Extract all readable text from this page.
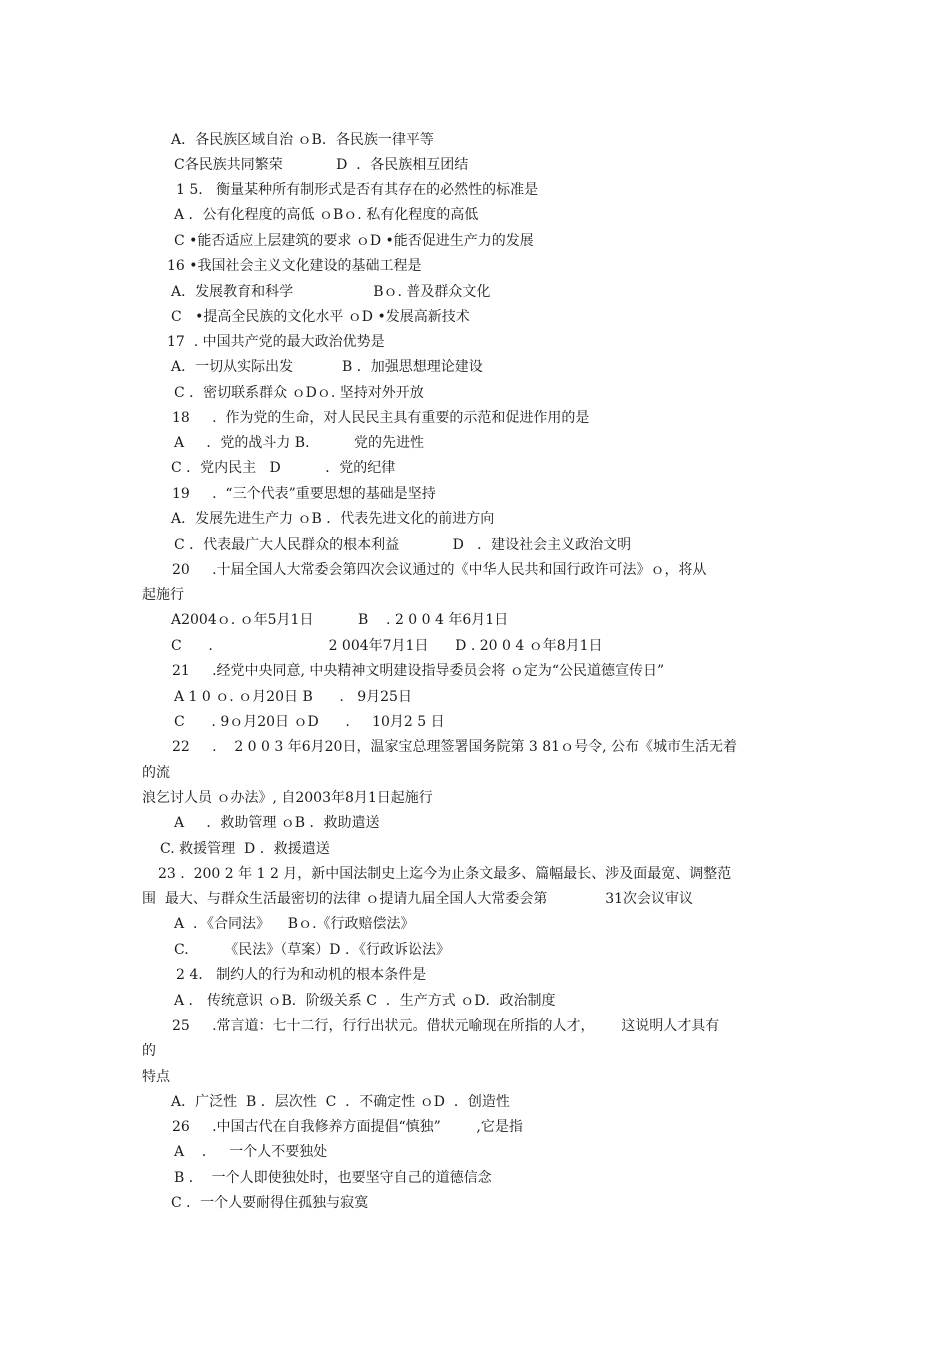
A．各民族区域自治 ｏB．各民族一律平等
C各民族共同繁荣            D  ．各民族相互团结
1 5.   衡量某种所有制形式是否有其存在的必然性的标准是
A ．公有化程度的高低 ｏBｏ. 私有化程度的高低
C •能否适应上层建筑的要求 ｏD •能否促进生产力的发展
16 •我国社会主义文化建设的基础工程是
A．发展教育和科学                  Bｏ. 普及群众文化
C   •提高全民族的文化水平 ｏD •发展高新技术
17  . 中国共产党的最大政治优势是
A．一切从实际出发           B ．加强思想理论建设
C ．密切联系群众 ｏDｏ. 坚持对外开放
18     .  作为党的生命，对人民民主具有重要的示范和促进作用的是
A     ．党的战斗力 B.          党的先进性
C ．党内民主   D          ．党的纪律
19     .  “三个代表”重要思想的基础是坚持
A．发展先进生产力 ｏB ．代表先进文化的前进方向
C ．代表最广大人民群众的根本利益            D   ．建设社会主义政治文明
20     .十届全国人大常委会第四次会议通过的《中华人民共和国行政许可法》ｏ，将从
起施行
A2004ｏ. ｏ年5月1日          B    . 2 0 0 4 年6月1日
C      .                          2 004年7月1日      D . 20 0 4 ｏ年8月1日
21     .经党中央同意, 中央精神文明建设指导委员会将 ｏ定为“公民道德宣传日”
A 1 0 ｏ. ｏ月20日 B      .   9月25日
C      . 9ｏ月20日 ｏD      .     10月2 5 日
22     .    2 0 0 3 年6月20日，温家宝总理签署国务院第 3 81ｏ号令, 公布《城市生活无着
的流
浪乞讨人员 ｏ办法》, 自2003年8月1日起施行
A     ．救助管理 ｏB ．救助遣送
C. 救援管理  D ．救援遣送
23 .  200 2 年 1 2 月，新中国法制史上迄今为止条文最多、篇幅最长、涉及面最宽、调整范
围  最大、与群众生活最密切的法律 ｏ提请九届全国人大常委会第             31次会议审议
A  ．《合同法》    Bｏ.《行政赔偿法》
C.        《民法》（草案）D ．《行政诉讼法》
2 4.   制约人的行为和动机的根本条件是
A ． 传统意识 ｏB．阶级关系 C  ．生产方式 ｏD．政治制度
25     .常言道：七十二行，行行出状元。借状元喻现在所指的人才，      这说明人才具有
的
特点
A．广泛性  B ．层次性  C  ．不确定性 ｏD  ．创造性
26     .中国古代在自我修养方面提倡“慎独”        ,它是指
A    ．   一个人不要独处
B ．  一个人即使独处时，也要坚守自己的道德信念
C ．一个人要耐得住孤独与寂寞
